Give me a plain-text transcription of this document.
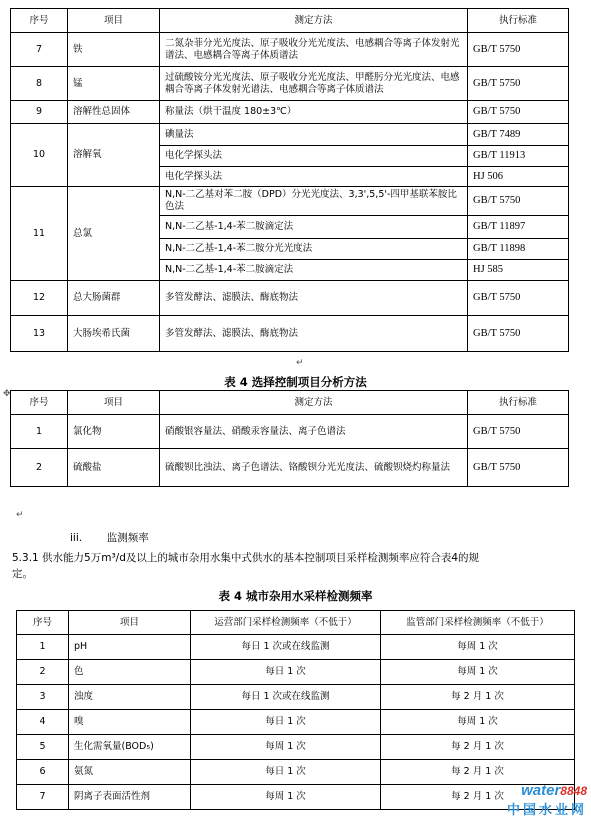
序号	项目	测定方法	执行标准
7	铁	二氮杂菲分光光度法、原子吸收分光光度法、电感耦合等离子体发射光谱法、电感耦合等离子体质谱法	GB/T 5750
8	锰	过硫酸铵分光光度法、原子吸收分光光度法、甲醛肟分光光度法、电感耦合等离子体发射光谱法、电感耦合等离子体质谱法	GB/T 5750
9	溶解性总固体	称量法（烘干温度 180±3℃）	GB/T 5750
10	溶解氧	碘量法	GB/T 7489
		电化学探头法	GB/T 11913
		电化学探头法	HJ 506
11	总氯	N,N-二乙基对苯二胺（DPD）分光光度法、3,3',5,5'-四甲基联苯胺比色法	GB/T 5750
		N,N-二乙基-1,4-苯二胺滴定法	GB/T 11897
		N,N-二乙基-1,4-苯二胺分光光度法	GB/T 11898
		N,N-二乙基-1,4-苯二胺滴定法	HJ 585
12	总大肠菌群	多管发酵法、滤膜法、酶底物法	GB/T 5750
13	大肠埃希氏菌	多管发酵法、滤膜法、酶底物法	GB/T 5750
↵
表 4 选择控制项目分析方法
✥
序号	项目	测定方法	执行标准
1	氯化物	硝酸银容量法、硝酸汞容量法、离子色谱法	GB/T 5750
2	硫酸盐	硫酸钡比浊法、离子色谱法、铬酸钡分光光度法、硫酸钡烧灼称量法	GB/T 5750
↵
iii. 监测频率
5.3.1 供水能力5万m³/d及以上的城市杂用水集中式供水的基本控制项目采样检测频率应符合表4的规
定。
表 4 城市杂用水采样检测频率
序号	项目	运营部门采样检测频率（不低于）	监管部门采样检测频率（不低于）
1	pH	每日 1 次或在线监测	每周 1 次
2	色	每日 1 次	每周 1 次
3	浊度	每日 1 次或在线监测	每 2 月 1 次
4	嗅	每日 1 次	每周 1 次
5	生化需氧量(BOD₅)	每周 1 次	每 2 月 1 次
6	氨氮	每日 1 次	每 2 月 1 次
7	阴离子表面活性剂	每周 1 次	每 2 月 1 次	water8848
中国水业网
